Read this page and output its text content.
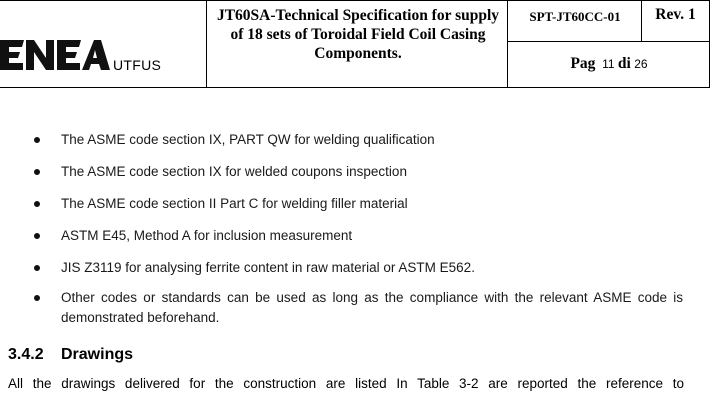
UTFUS
JT60SA-Technical Specification for supply of 18 sets of Toroidal Field Coil Casing Components.
SPT-JT60CC-01	Rev. 1
Pag 11 di 26
The ASME code section IX, PART QW for welding qualification
The ASME code section IX for welded coupons inspection
The ASME code section II Part C for welding filler material
ASTM E45, Method A for inclusion measurement
JIS Z3119 for analysing ferrite content in raw material or ASTM E562.
Other codes or standards can be used as long as the compliance with the relevant ASME code is demonstrated beforehand.
3.4.2 Drawings
All the drawings delivered for the construction are listed In Table 3-2 are reported the reference to
